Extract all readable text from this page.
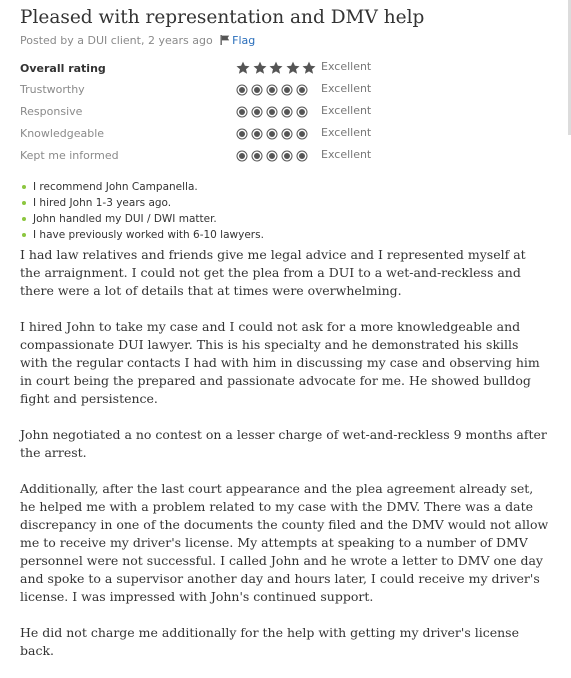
Pleased with representation and DMV help
Posted by a DUI client, 2 years ago Flag
Overall rating	Excellent
Trustworthy	Excellent
Responsive	Excellent
Knowledgeable	Excellent
Kept me informed	Excellent
I recommend John Campanella.
I hired John 1-3 years ago.
John handled my DUI / DWI matter.
I have previously worked with 6-10 lawyers.

I had law relatives and friends give me legal advice and I represented myself at the arraignment. I could not get the plea from a DUI to a wet-and-reckless and there were a lot of details that at times were overwhelming.

I hired John to take my case and I could not ask for a more knowledgeable and compassionate DUI lawyer. This is his specialty and he demonstrated his skills with the regular contacts I had with him in discussing my case and observing him in court being the prepared and passionate advocate for me. He showed bulldog fight and persistence.

John negotiated a no contest on a lesser charge of wet-and-reckless 9 months after the arrest.

Additionally, after the last court appearance and the plea agreement already set, he helped me with a problem related to my case with the DMV. There was a date discrepancy in one of the documents the county filed and the DMV would not allow me to receive my driver's license. My attempts at speaking to a number of DMV personnel were not successful. I called John and he wrote a letter to DMV one day and spoke to a supervisor another day and hours later, I could receive my driver's license. I was impressed with John's continued support.

He did not charge me additionally for the help with getting my driver's license back.
